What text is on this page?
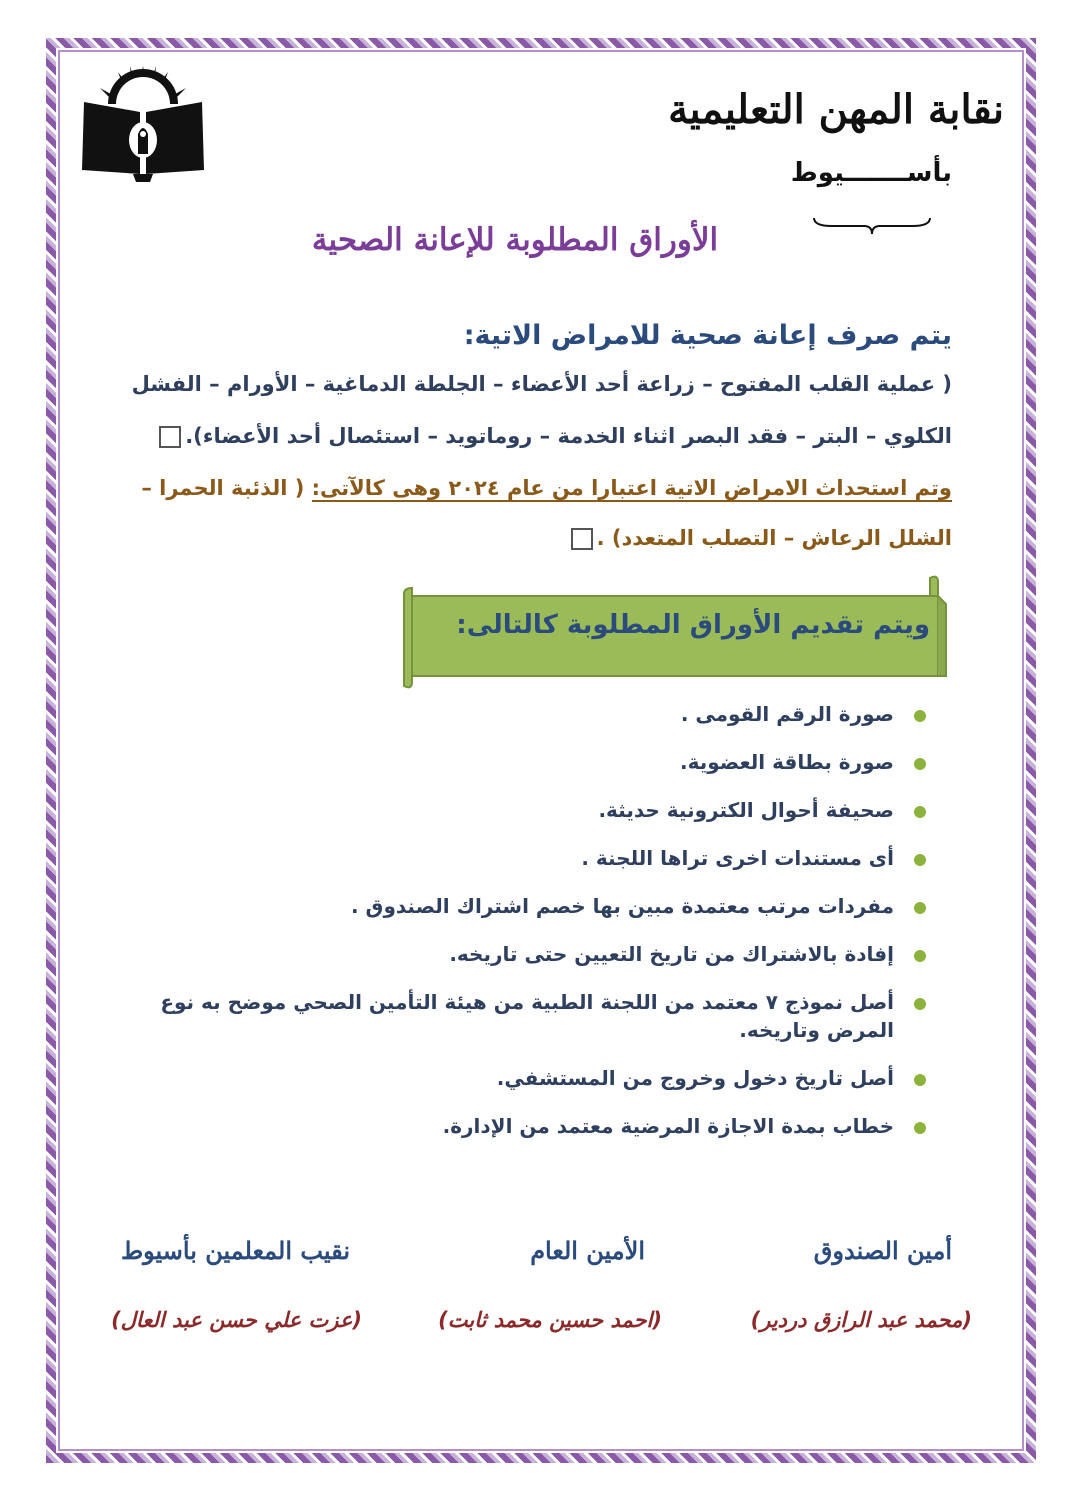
نقابة المهن التعليمية
بأســـــــيوط
الأوراق المطلوبة للإعانة الصحية
يتم صرف إعانة صحية للامراض الاتية:
( عملية القلب المفتوح – زراعة أحد الأعضاء – الجلطة الدماغية – الأورام – الفشل
الكلوي – البتر – فقد البصر اثناء الخدمة – روماتويد – استئصال أحد الأعضاء).
وتم استحداث الامراض الاتية اعتبارا من عام ٢٠٢٤ وهى كالآتى: ( الذئبة الحمرا –
الشلل الرعاش – التصلب المتعدد) .
ويتم تقديم الأوراق المطلوبة كالتالى:
صورة الرقم القومى .
صورة بطاقة العضوية.
صحيفة أحوال الكترونية حديثة.
أى مستندات اخرى تراها اللجنة .
مفردات مرتب معتمدة مبين بها خصم اشتراك الصندوق .
إفادة بالاشتراك من تاريخ التعيين حتى تاريخه.
أصل نموذج ٧ معتمد من اللجنة الطبية من هيئة التأمين الصحي موضح به نوع المرض وتاريخه.
أصل تاريخ دخول وخروج من المستشفي.
خطاب بمدة الاجازة المرضية معتمد من الإدارة.
أمين الصندوق
الأمين العام
نقيب المعلمين بأسيوط
(محمد عبد الرازق دردير)
(احمد حسين محمد ثابت)
(عزت علي حسن عبد العال)
